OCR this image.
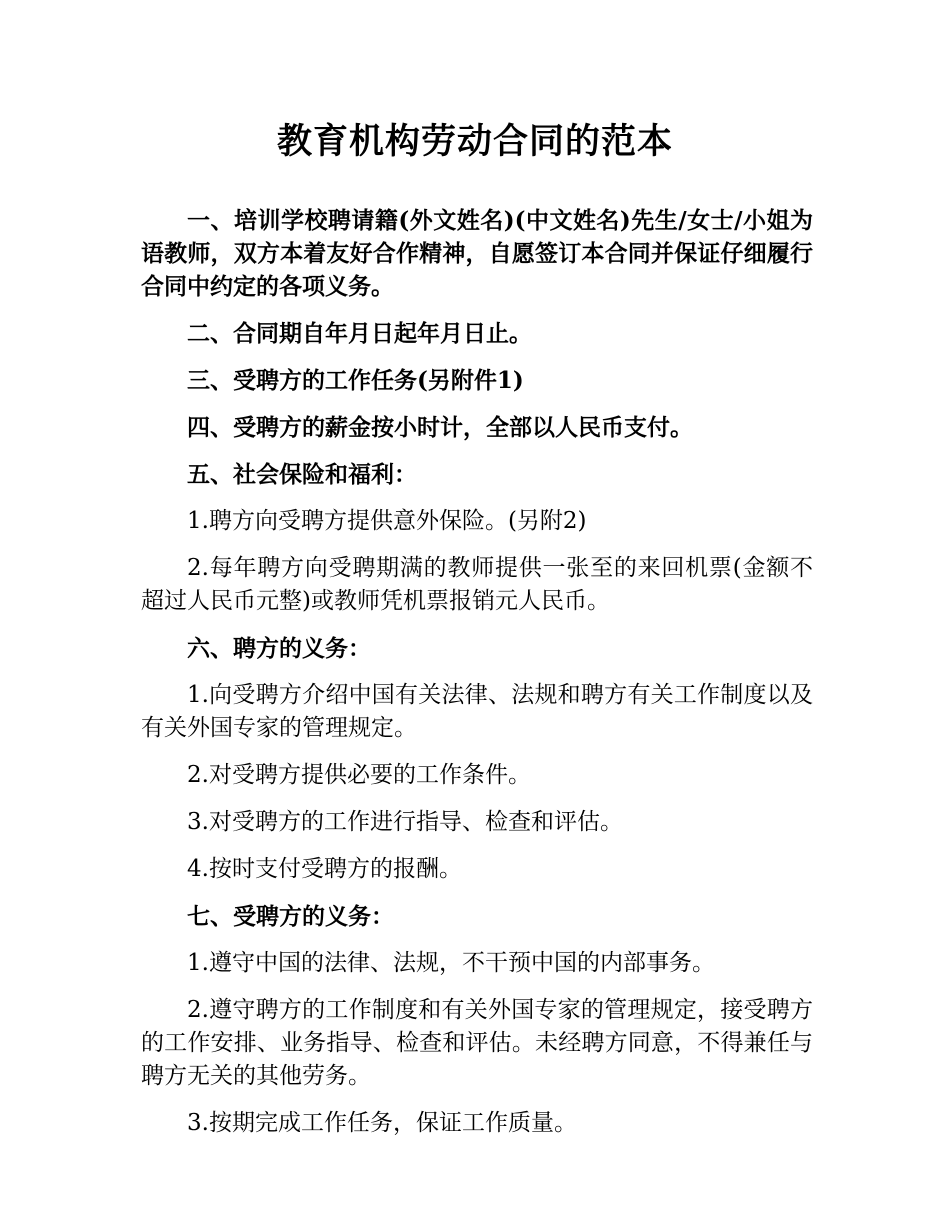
教育机构劳动合同的范本

一、培训学校聘请籍(外文姓名)(中文姓名)先生/女士/小姐为语教师，双方本着友好合作精神，自愿签订本合同并保证仔细履行合同中约定的各项义务。

二、合同期自年月日起年月日止。

三、受聘方的工作任务(另附件1)

四、受聘方的薪金按小时计，全部以人民币支付。

五、社会保险和福利：

1.聘方向受聘方提供意外保险。(另附2)

2.每年聘方向受聘期满的教师提供一张至的来回机票(金额不超过人民币元整)或教师凭机票报销元人民币。

六、聘方的义务：

1.向受聘方介绍中国有关法律、法规和聘方有关工作制度以及有关外国专家的管理规定。

2.对受聘方提供必要的工作条件。

3.对受聘方的工作进行指导、检查和评估。

4.按时支付受聘方的报酬。

七、受聘方的义务：

1.遵守中国的法律、法规，不干预中国的内部事务。

2.遵守聘方的工作制度和有关外国专家的管理规定，接受聘方的工作安排、业务指导、检查和评估。未经聘方同意，不得兼任与聘方无关的其他劳务。

3.按期完成工作任务，保证工作质量。
